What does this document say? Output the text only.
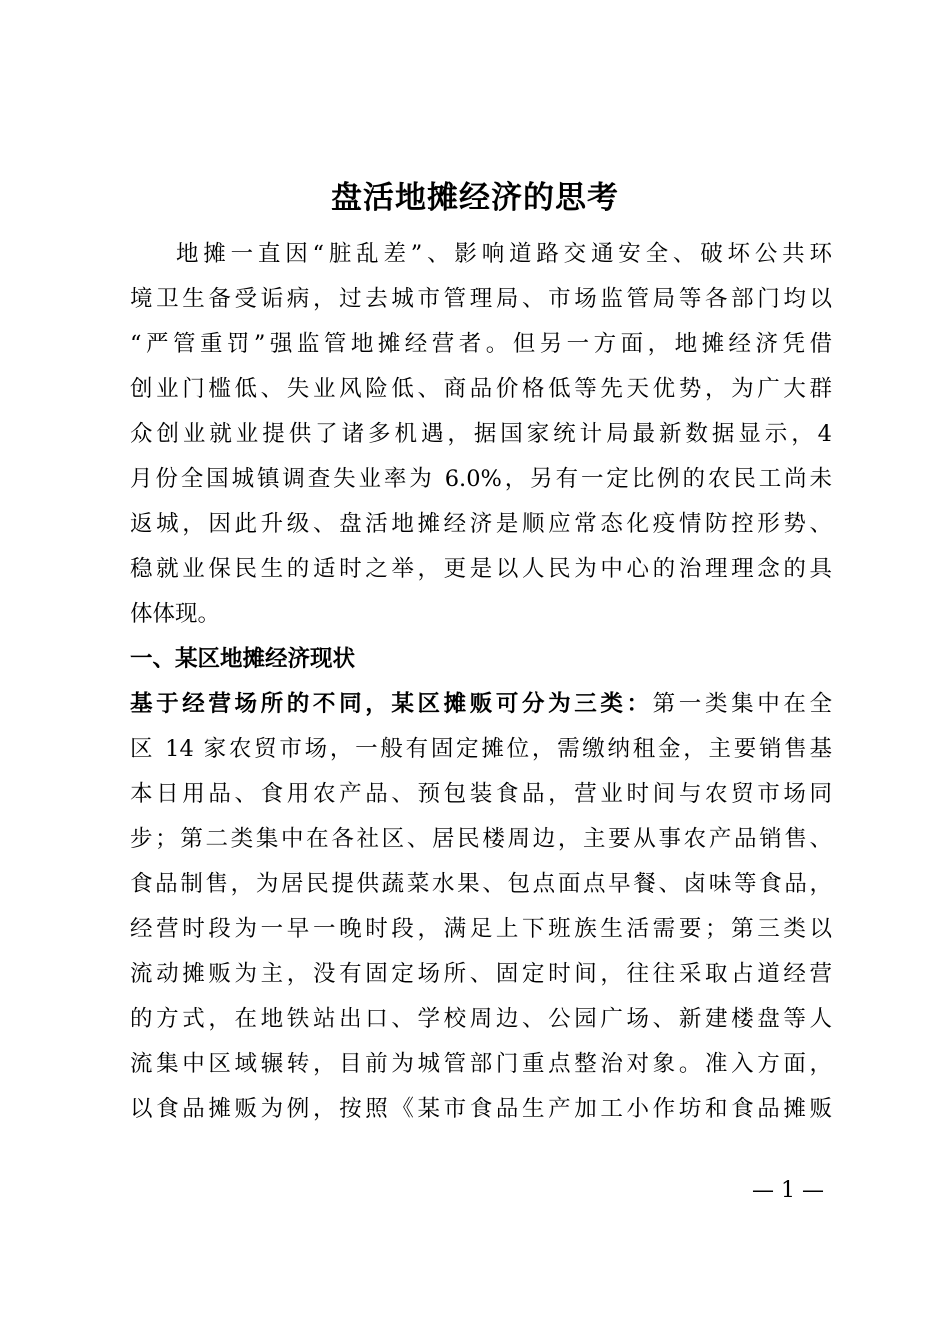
盘活地摊经济的思考
地摊一直因“脏乱差”、影响道路交通安全、破坏公共环
境卫生备受诟病，过去城市管理局、市场监管局等各部门均以
“严管重罚”强监管地摊经营者。但另一方面，地摊经济凭借
创业门槛低、失业风险低、商品价格低等先天优势，为广大群
众创业就业提供了诸多机遇，据国家统计局最新数据显示，4
月份全国城镇调查失业率为 6.0%，另有一定比例的农民工尚未
返城，因此升级、盘活地摊经济是顺应常态化疫情防控形势、
稳就业保民生的适时之举，更是以人民为中心的治理理念的具
体体现。
一、某区地摊经济现状
基于经营场所的不同，某区摊贩可分为三类：第一类集中在全
区 14 家农贸市场，一般有固定摊位，需缴纳租金，主要销售基
本日用品、食用农产品、预包装食品，营业时间与农贸市场同
步；第二类集中在各社区、居民楼周边，主要从事农产品销售、
食品制售，为居民提供蔬菜水果、包点面点早餐、卤味等食品，
经营时段为一早一晚时段，满足上下班族生活需要；第三类以
流动摊贩为主，没有固定场所、固定时间，往往采取占道经营
的方式，在地铁站出口、学校周边、公园广场、新建楼盘等人
流集中区域辗转，目前为城管部门重点整治对象。准入方面，
以食品摊贩为例，按照《某市食品生产加工小作坊和食品摊贩
— 1 —
